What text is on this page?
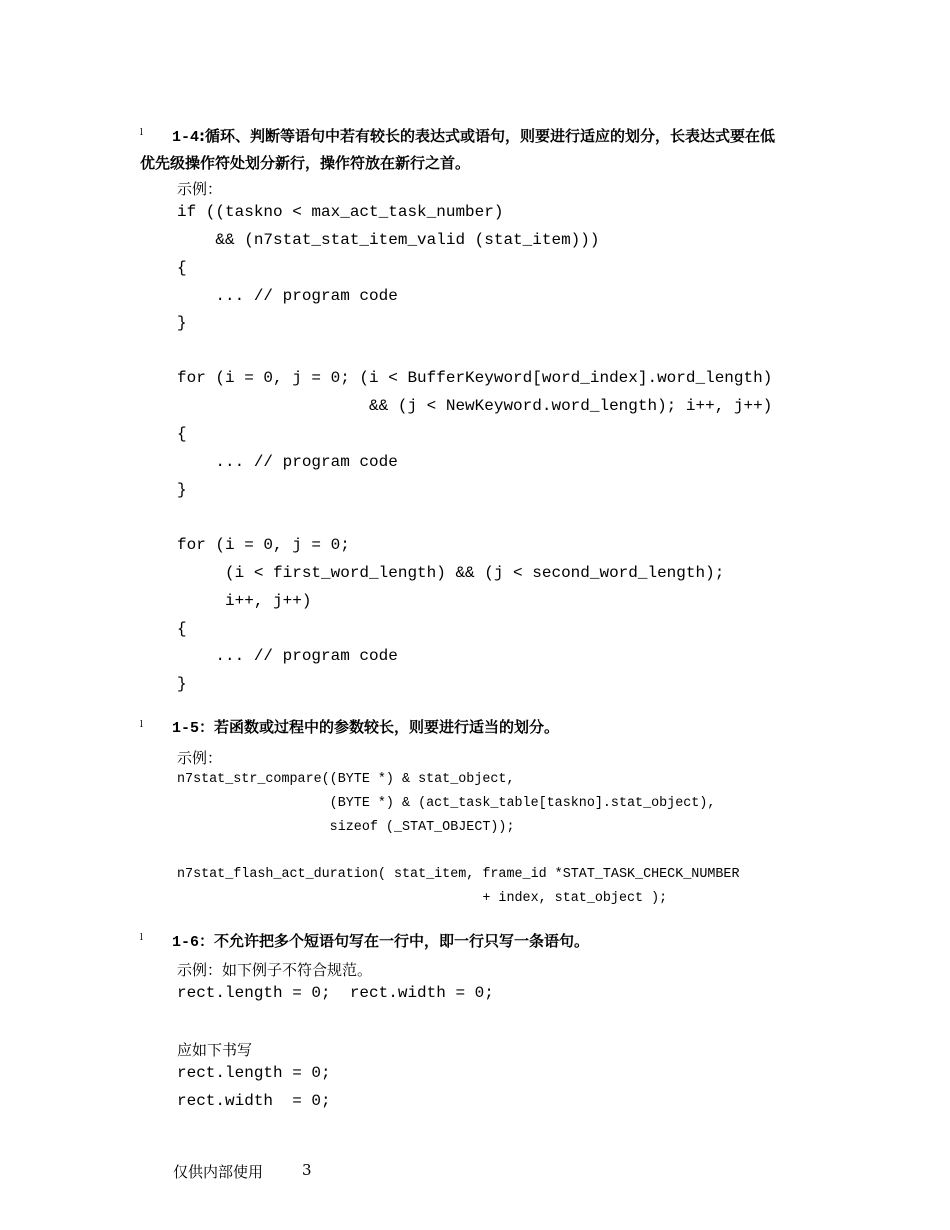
l 1-4:循环、判断等语句中若有较长的表达式或语句，则要进行适应的划分，长表达式要在低
优先级操作符处划分新行，操作符放在新行之首。
示例：
if ((taskno < max_act_task_number)
&& (n7stat_stat_item_valid (stat_item)))
{
... // program code
}
for (i = 0, j = 0; (i < BufferKeyword[word_index].word_length)
&& (j < NewKeyword.word_length); i++, j++)
{
... // program code
}
for (i = 0, j = 0;
(i < first_word_length) && (j < second_word_length);
i++, j++)
{
... // program code
}
l 1-5：若函数或过程中的参数较长，则要进行适当的划分。
示例：
n7stat_str_compare((BYTE *) & stat_object,
(BYTE *) & (act_task_table[taskno].stat_object),
sizeof (_STAT_OBJECT));
n7stat_flash_act_duration( stat_item, frame_id *STAT_TASK_CHECK_NUMBER
+ index, stat_object );
l 1-6：不允许把多个短语句写在一行中，即一行只写一条语句。
示例：如下例子不符合规范。
rect.length = 0;  rect.width = 0;
应如下书写
rect.length = 0;
rect.width  = 0;
仅供内部使用	3
